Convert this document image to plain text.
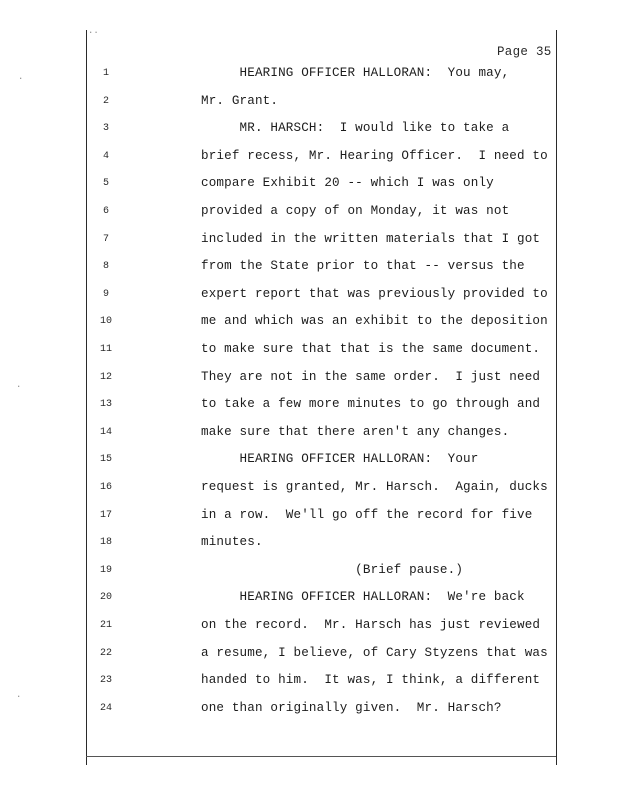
..
·
·
·
Page 35
1	HEARING OFFICER HALLORAN:  You may,
2	Mr. Grant.
3	MR. HARSCH:  I would like to take a
4	brief recess, Mr. Hearing Officer.  I need to
5	compare Exhibit 20 -- which I was only
6	provided a copy of on Monday, it was not
7	included in the written materials that I got
8	from the State prior to that -- versus the
9	expert report that was previously provided to
10	me and which was an exhibit to the deposition
11	to make sure that that is the same document.
12	They are not in the same order.  I just need
13	to take a few more minutes to go through and
14	make sure that there aren't any changes.
15	HEARING OFFICER HALLORAN:  Your
16	request is granted, Mr. Harsch.  Again, ducks
17	in a row.  We'll go off the record for five
18	minutes.
19	(Brief pause.)
20	HEARING OFFICER HALLORAN:  We're back
21	on the record.  Mr. Harsch has just reviewed
22	a resume, I believe, of Cary Styzens that was
23	handed to him.  It was, I think, a different
24	one than originally given.  Mr. Harsch?
